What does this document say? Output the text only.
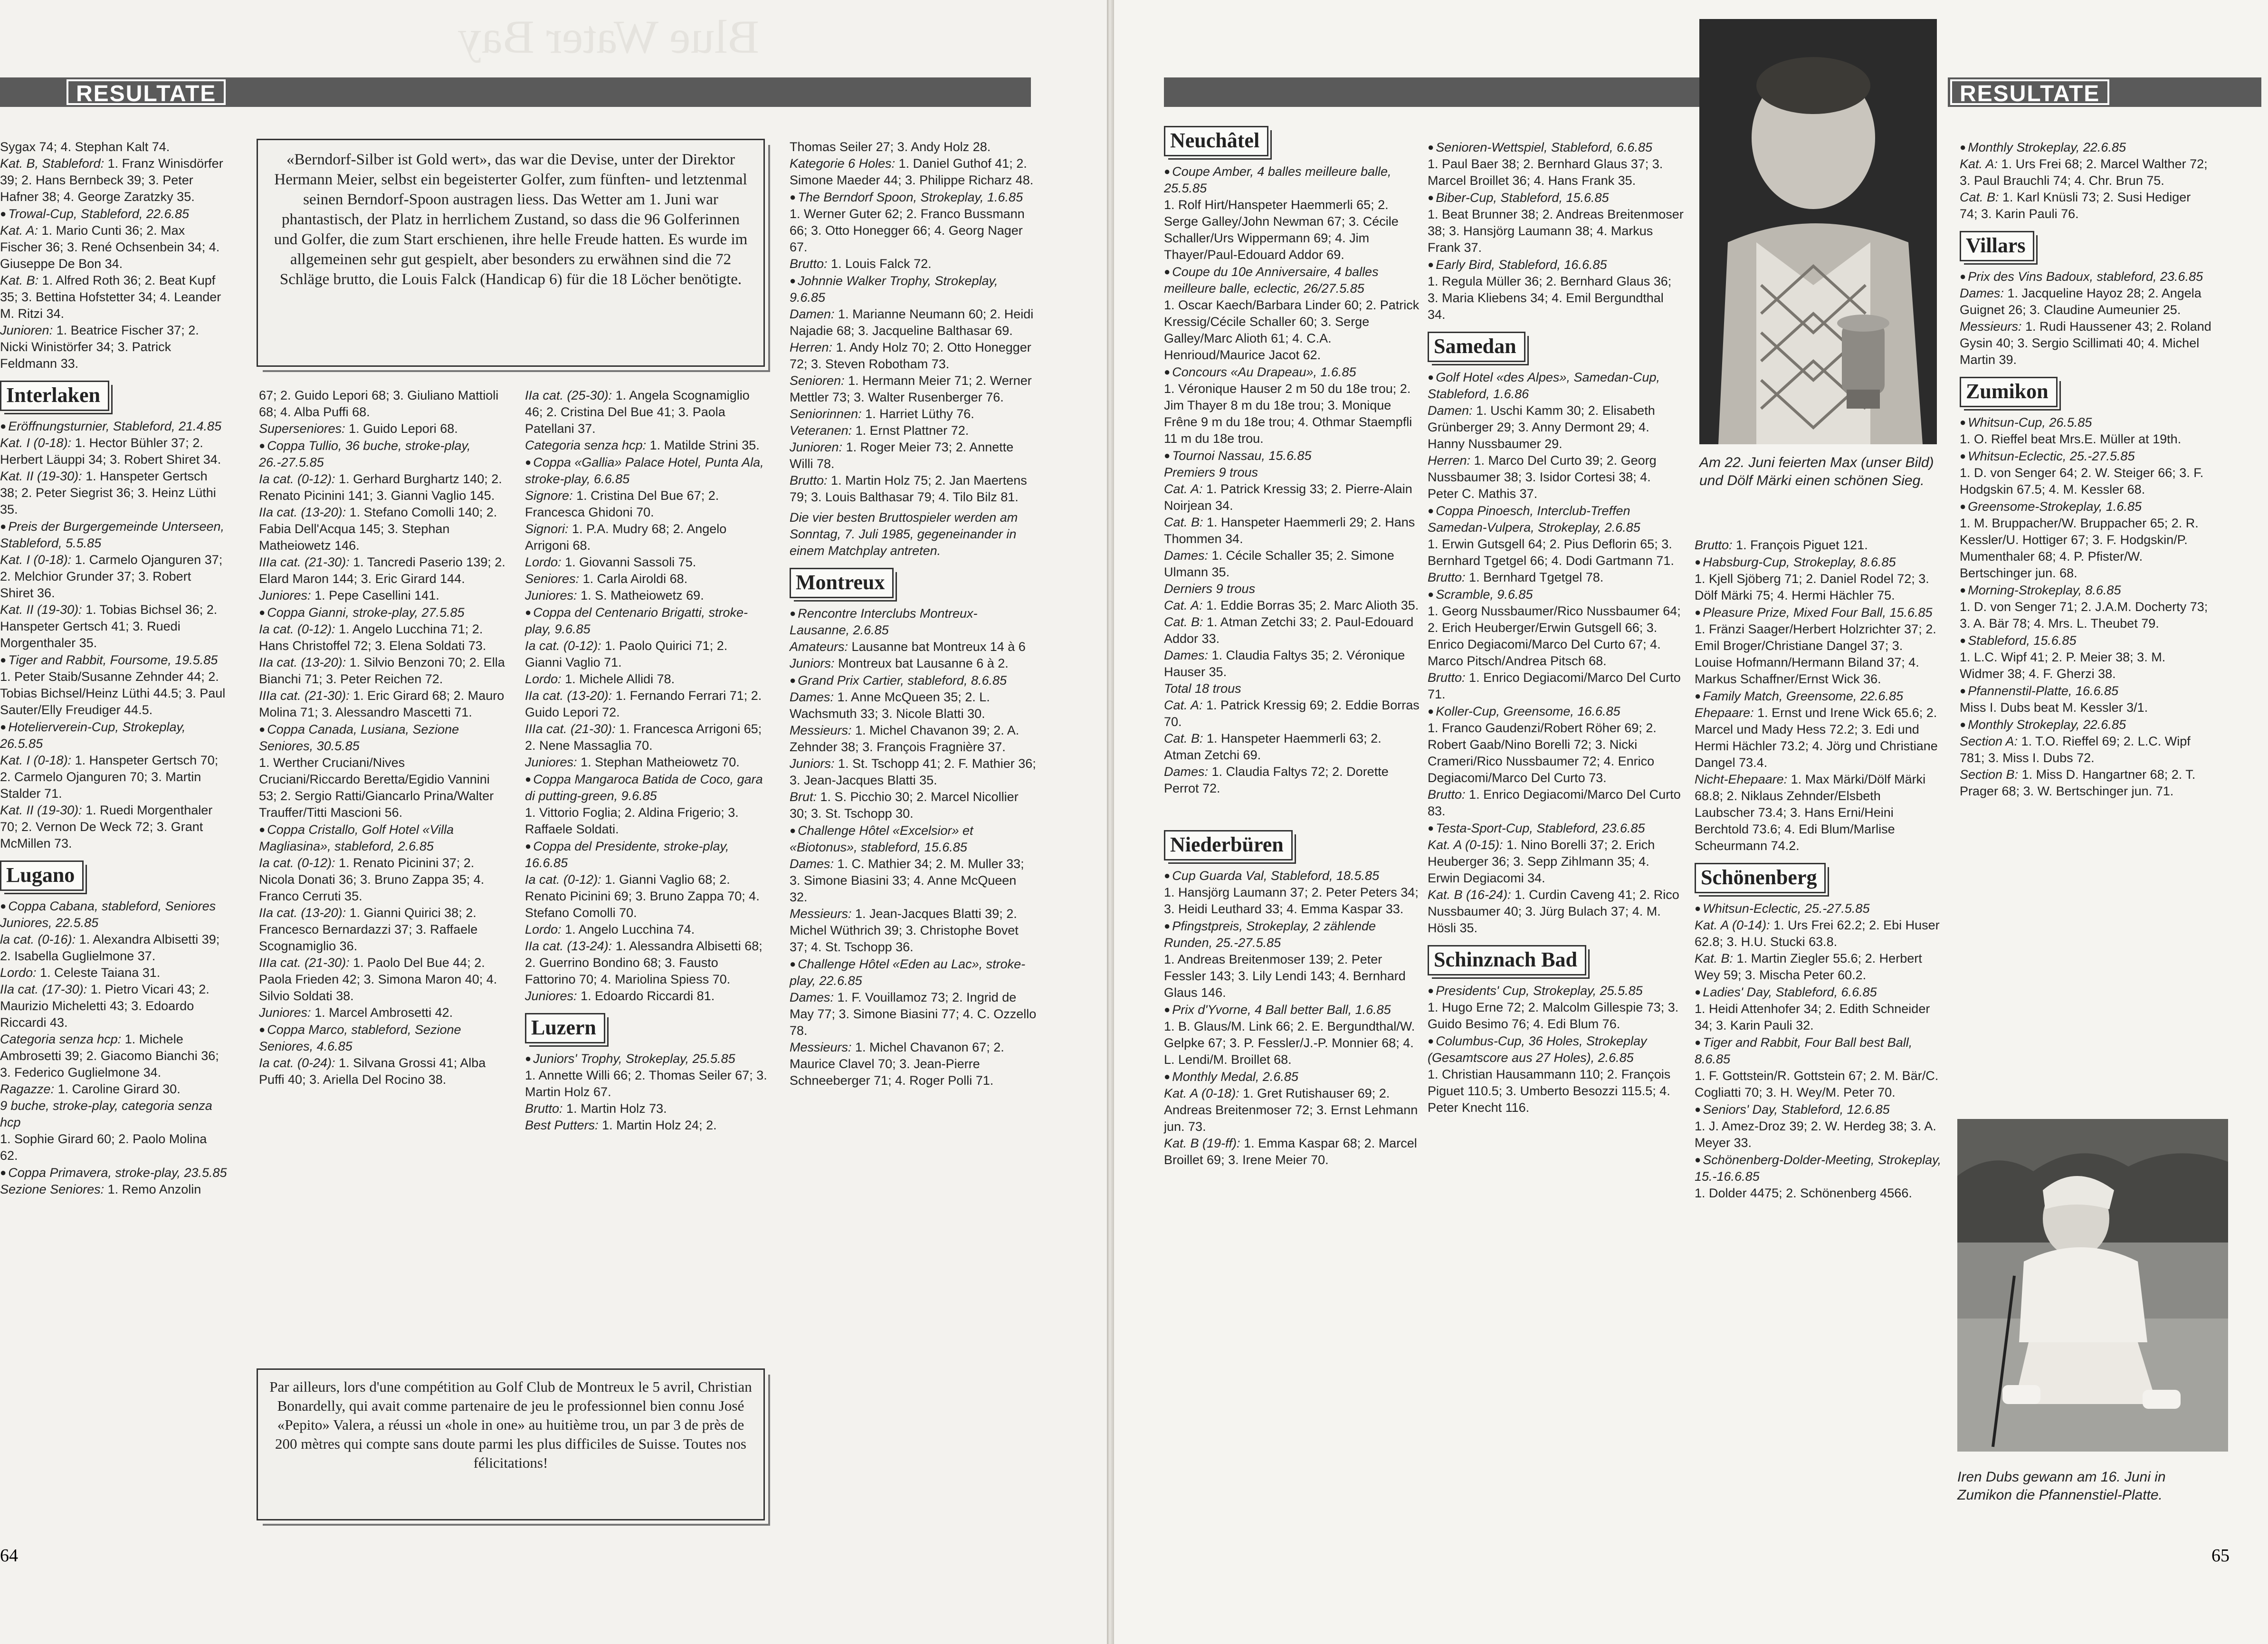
Blue Water Bay
RESULTATE

Sygax 74; 4. Stephan Kalt 74.

Kat. B, Stableford: 1. Franz Winisdörfer 39; 2. Hans Bernbeck 39; 3. Peter Hafner 38; 4. George Zaratzky 35.

● Trowal-Cup, Stableford, 22.6.85

Kat. A: 1. Mario Cunti 36; 2. Max Fischer 36; 3. René Ochsenbein 34; 4. Giuseppe De Bon 34.

Kat. B: 1. Alfred Roth 36; 2. Beat Kupf 35; 3. Bettina Hofstetter 34; 4. Leander M. Ritzi 34.

Junioren: 1. Beatrice Fischer 37; 2. Nicki Winistörfer 34; 3. Patrick Feldmann 33.

Interlaken

● Eröffnungsturnier, Stableford, 21.4.85

Kat. I (0-18): 1. Hector Bühler 37; 2. Herbert Läuppi 34; 3. Robert Shiret 34.

Kat. II (19-30): 1. Hanspeter Gertsch 38; 2. Peter Siegrist 36; 3. Heinz Lüthi 35.

● Preis der Burgergemeinde Unterseen, Stableford, 5.5.85

Kat. I (0-18): 1. Carmelo Ojanguren 37; 2. Melchior Grunder 37; 3. Robert Shiret 36.

Kat. II (19-30): 1. Tobias Bichsel 36; 2. Hanspeter Gertsch 41; 3. Ruedi Morgenthaler 35.

● Tiger and Rabbit, Foursome, 19.5.85

1. Peter Staib/Susanne Zehnder 44; 2. Tobias Bichsel/Heinz Lüthi 44.5; 3. Paul Sauter/Elly Freudiger 44.5.

● Hotelierverein-Cup, Strokeplay, 26.5.85

Kat. I (0-18): 1. Hanspeter Gertsch 70; 2. Carmelo Ojanguren 70; 3. Martin Stalder 71.

Kat. II (19-30): 1. Ruedi Morgenthaler 70; 2. Vernon De Weck 72; 3. Grant McMillen 73.

Lugano

● Coppa Cabana, stableford, Seniores Juniores, 22.5.85

la cat. (0-16): 1. Alexandra Albisetti 39; 2. Isabella Guglielmone 37.

Lordo: 1. Celeste Taiana 31.

IIa cat. (17-30): 1. Pietro Vicari 43; 2. Maurizio Micheletti 43; 3. Edoardo Riccardi 43.

Categoria senza hcp: 1. Michele Ambrosetti 39; 2. Giacomo Bianchi 36; 3. Federico Guglielmone 34.

Ragazze: 1. Caroline Girard 30.

9 buche, stroke-play, categoria senza hcp

1. Sophie Girard 60; 2. Paolo Molina 62.

● Coppa Primavera, stroke-play, 23.5.85

Sezione Seniores: 1. Remo Anzolin

«Berndorf-Silber ist Gold wert», das war die Devise, unter der Direktor Hermann Meier, selbst ein begeisterter Golfer, zum fünften- und letztenmal seinen Berndorf-Spoon austragen liess. Das Wetter am 1. Juni war phantastisch, der Platz in herrlichem Zustand, so dass die 96 Golferinnen und Golfer, die zum Start erschienen, ihre helle Freude hatten. Es wurde im allgemeinen sehr gut gespielt, aber besonders zu erwähnen sind die 72 Schläge brutto, die Louis Falck (Handicap 6) für die 18 Löcher benötigte.

67; 2. Guido Lepori 68; 3. Giuliano Mattioli 68; 4. Alba Puffi 68.

Superseniores: 1. Guido Lepori 68.

● Coppa Tullio, 36 buche, stroke-play, 26.-27.5.85

Ia cat. (0-12): 1. Gerhard Burghartz 140; 2. Renato Picinini 141; 3. Gianni Vaglio 145.

IIa cat. (13-20): 1. Stefano Comolli 140; 2. Fabia Dell'Acqua 145; 3. Stephan Matheiowetz 146.

IIIa cat. (21-30): 1. Tancredi Paserio 139; 2. Elard Maron 144; 3. Eric Girard 144.

Juniores: 1. Pepe Casellini 141.

● Coppa Gianni, stroke-play, 27.5.85

Ia cat. (0-12): 1. Angelo Lucchina 71; 2. Hans Christoffel 72; 3. Elena Soldati 73.

IIa cat. (13-20): 1. Silvio Benzoni 70; 2. Ella Bianchi 71; 3. Peter Reichen 72.

IIIa cat. (21-30): 1. Eric Girard 68; 2. Mauro Molina 71; 3. Alessandro Mascetti 71.

● Coppa Canada, Lusiana, Sezione Seniores, 30.5.85

1. Werther Cruciani/Nives Cruciani/Riccardo Beretta/Egidio Vannini 53; 2. Sergio Ratti/Giancarlo Prina/Walter Trauffer/Titti Mascioni 56.

● Coppa Cristallo, Golf Hotel «Villa Magliasina», stableford, 2.6.85

Ia cat. (0-12): 1. Renato Picinini 37; 2. Nicola Donati 36; 3. Bruno Zappa 35; 4. Franco Cerruti 35.

IIa cat. (13-20): 1. Gianni Quirici 38; 2. Francesco Bernardazzi 37; 3. Raffaele Scognamiglio 36.

IIIa cat. (21-30): 1. Paolo Del Bue 44; 2. Paola Frieden 42; 3. Simona Maron 40; 4. Silvio Soldati 38.

Juniores: 1. Marcel Ambrosetti 42.

● Coppa Marco, stableford, Sezione Seniores, 4.6.85

Ia cat. (0-24): 1. Silvana Grossi 41; Alba Puffi 40; 3. Ariella Del Rocino 38.

IIa cat. (25-30): 1. Angela Scognamiglio 46; 2. Cristina Del Bue 41; 3. Paola Patellani 37.

Categoria senza hcp: 1. Matilde Strini 35.

● Coppa «Gallia» Palace Hotel, Punta Ala, stroke-play, 6.6.85

Signore: 1. Cristina Del Bue 67; 2. Francesca Ghidoni 70.

Signori: 1. P.A. Mudry 68; 2. Angelo Arrigoni 68.

Lordo: 1. Giovanni Sassoli 75.

Seniores: 1. Carla Airoldi 68.

Juniores: 1. S. Matheiowetz 69.

● Coppa del Centenario Brigatti, stroke-play, 9.6.85

Ia cat. (0-12): 1. Paolo Quirici 71; 2. Gianni Vaglio 71.

Lordo: 1. Michele Allidi 78.

IIa cat. (13-20): 1. Fernando Ferrari 71; 2. Guido Lepori 72.

IIIa cat. (21-30): 1. Francesca Arrigoni 65; 2. Nene Massaglia 70.

Juniores: 1. Stephan Matheiowetz 70.

● Coppa Mangaroca Batida de Coco, gara di putting-green, 9.6.85

1. Vittorio Foglia; 2. Aldina Frigerio; 3. Raffaele Soldati.

● Coppa del Presidente, stroke-play, 16.6.85

Ia cat. (0-12): 1. Gianni Vaglio 68; 2. Renato Picinini 69; 3. Bruno Zappa 70; 4. Stefano Comolli 70.

Lordo: 1. Angelo Lucchina 74.

IIa cat. (13-24): 1. Alessandra Albisetti 68; 2. Guerrino Bondino 68; 3. Fausto Fattorino 70; 4. Mariolina Spiess 70.

Juniores: 1. Edoardo Riccardi 81.

Luzern

● Juniors' Trophy, Strokeplay, 25.5.85

1. Annette Willi 66; 2. Thomas Seiler 67; 3. Martin Holz 67.

Brutto: 1. Martin Holz 73.

Best Putters: 1. Martin Holz 24; 2.

Par ailleurs, lors d'une compétition au Golf Club de Montreux le 5 avril, Christian Bonardelly, qui avait comme partenaire de jeu le professionnel bien connu José «Pepito» Valera, a réussi un «hole in one» au huitième trou, un par 3 de près de 200 mètres qui compte sans doute parmi les plus difficiles de Suisse. Toutes nos félicitations!

Thomas Seiler 27; 3. Andy Holz 28.

Kategorie 6 Holes: 1. Daniel Guthof 41; 2. Simone Maeder 44; 3. Philippe Richarz 48.

● The Berndorf Spoon, Strokeplay, 1.6.85

1. Werner Guter 62; 2. Franco Bussmann 66; 3. Otto Honegger 66; 4. Georg Nager 67.

Brutto: 1. Louis Falck 72.

● Johnnie Walker Trophy, Strokeplay, 9.6.85

Damen: 1. Marianne Neumann 60; 2. Heidi Najadie 68; 3. Jacqueline Balthasar 69.

Herren: 1. Andy Holz 70; 2. Otto Honegger 72; 3. Steven Robotham 73.

Senioren: 1. Hermann Meier 71; 2. Werner Mettler 73; 3. Walter Rusenberger 76.

Seniorinnen: 1. Harriet Lüthy 76.

Veteranen: 1. Ernst Plattner 72.

Junioren: 1. Roger Meier 73; 2. Annette Willi 78.

Brutto: 1. Martin Holz 75; 2. Jan Maertens 79; 3. Louis Balthasar 79; 4. Tilo Bilz 81.

Die vier besten Bruttospieler werden am Sonntag, 7. Juli 1985, gegeneinander in einem Matchplay antreten.

Montreux

● Rencontre Interclubs Montreux-Lausanne, 2.6.85

Amateurs: Lausanne bat Montreux 14 à 6

Juniors: Montreux bat Lausanne 6 à 2.

● Grand Prix Cartier, stableford, 8.6.85

Dames: 1. Anne McQueen 35; 2. L. Wachsmuth 33; 3. Nicole Blatti 30.

Messieurs: 1. Michel Chavanon 39; 2. A. Zehnder 38; 3. François Fragnière 37.

Juniors: 1. St. Tschopp 41; 2. F. Mathier 36; 3. Jean-Jacques Blatti 35.

Brut: 1. S. Picchio 30; 2. Marcel Nicollier 30; 3. St. Tschopp 30.

● Challenge Hôtel «Excelsior» et «Biotonus», stableford, 15.6.85

Dames: 1. C. Mathier 34; 2. M. Muller 33; 3. Simone Biasini 33; 4. Anne McQueen 32.

Messieurs: 1. Jean-Jacques Blatti 39; 2. Michel Wüthrich 39; 3. Christophe Bovet 37; 4. St. Tschopp 36.

● Challenge Hôtel «Eden au Lac», stroke-play, 22.6.85

Dames: 1. F. Vouillamoz 73; 2. Ingrid de May 77; 3. Simone Biasini 77; 4. C. Ozzello 78.

Messieurs: 1. Michel Chavanon 67; 2. Maurice Clavel 70; 3. Jean-Pierre Schneeberger 71; 4. Roger Polli 71.

64
RESULTATE
Am 22. Juni feierten Max (unser Bild) und Dölf Märki einen schönen Sieg.
Neuchâtel

● Coupe Amber, 4 balles meilleure balle, 25.5.85

1. Rolf Hirt/Hanspeter Haemmerli 65; 2. Serge Galley/John Newman 67; 3. Cécile Schaller/Urs Wippermann 69; 4. Jim Thayer/Paul-Edouard Addor 69.

● Coupe du 10e Anniversaire, 4 balles meilleure balle, eclectic, 26/27.5.85

1. Oscar Kaech/Barbara Linder 60; 2. Patrick Kressig/Cécile Schaller 60; 3. Serge Galley/Marc Alioth 61; 4. C.A. Henrioud/Maurice Jacot 62.

● Concours «Au Drapeau», 1.6.85

1. Véronique Hauser 2 m 50 du 18e trou; 2. Jim Thayer 8 m du 18e trou; 3. Monique Frêne 9 m du 18e trou; 4. Othmar Staempfli 11 m du 18e trou.

● Tournoi Nassau, 15.6.85

Premiers 9 trous

Cat. A: 1. Patrick Kressig 33; 2. Pierre-Alain Noirjean 34.

Cat. B: 1. Hanspeter Haemmerli 29; 2. Hans Thommen 34.

Dames: 1. Cécile Schaller 35; 2. Simone Ulmann 35.

Derniers 9 trous

Cat. A: 1. Eddie Borras 35; 2. Marc Alioth 35.

Cat. B: 1. Atman Zetchi 33; 2. Paul-Edouard Addor 33.

Dames: 1. Claudia Faltys 35; 2. Véronique Hauser 35.

Total 18 trous

Cat. A: 1. Patrick Kressig 69; 2. Eddie Borras 70.

Cat. B: 1. Hanspeter Haemmerli 63; 2. Atman Zetchi 69.

Dames: 1. Claudia Faltys 72; 2. Dorette Perrot 72.

Niederbüren

● Cup Guarda Val, Stableford, 18.5.85

1. Hansjörg Laumann 37; 2. Peter Peters 34; 3. Heidi Leuthard 33; 4. Emma Kaspar 33.

● Pfingstpreis, Strokeplay, 2 zählende Runden, 25.-27.5.85

1. Andreas Breitenmoser 139; 2. Peter Fessler 143; 3. Lily Lendi 143; 4. Bernhard Glaus 146.

● Prix d'Yvorne, 4 Ball better Ball, 1.6.85

1. B. Glaus/M. Link 66; 2. E. Bergundthal/W. Gelpke 67; 3. P. Fessler/J.-P. Monnier 68; 4. L. Lendi/M. Broillet 68.

● Monthly Medal, 2.6.85

Kat. A (0-18): 1. Gret Rutishauser 69; 2. Andreas Breitenmoser 72; 3. Ernst Lehmann jun. 73.

Kat. B (19-ff): 1. Emma Kaspar 68; 2. Marcel Broillet 69; 3. Irene Meier 70.

● Senioren-Wettspiel, Stableford, 6.6.85

1. Paul Baer 38; 2. Bernhard Glaus 37; 3. Marcel Broillet 36; 4. Hans Frank 35.

● Biber-Cup, Stableford, 15.6.85

1. Beat Brunner 38; 2. Andreas Breitenmoser 38; 3. Hansjörg Laumann 38; 4. Markus Frank 37.

● Early Bird, Stableford, 16.6.85

1. Regula Müller 36; 2. Bernhard Glaus 36; 3. Maria Kliebens 34; 4. Emil Bergundthal 34.

Samedan

● Golf Hotel «des Alpes», Samedan-Cup, Stableford, 1.6.86

Damen: 1. Uschi Kamm 30; 2. Elisabeth Grünberger 29; 3. Anny Dermont 29; 4. Hanny Nussbaumer 29.

Herren: 1. Marco Del Curto 39; 2. Georg Nussbaumer 38; 3. Isidor Cortesi 38; 4. Peter C. Mathis 37.

● Coppa Pinoesch, Interclub-Treffen Samedan-Vulpera, Strokeplay, 2.6.85

1. Erwin Gutsgell 64; 2. Pius Deflorin 65; 3. Bernhard Tgetgel 66; 4. Dodi Gartmann 71.

Brutto: 1. Bernhard Tgetgel 78.

● Scramble, 9.6.85

1. Georg Nussbaumer/Rico Nussbaumer 64; 2. Erich Heuberger/Erwin Gutsgell 66; 3. Enrico Degiacomi/Marco Del Curto 67; 4. Marco Pitsch/Andrea Pitsch 68.

Brutto: 1. Enrico Degiacomi/Marco Del Curto 71.

● Koller-Cup, Greensome, 16.6.85

1. Franco Gaudenzi/Robert Röher 69; 2. Robert Gaab/Nino Borelli 72; 3. Nicki Crameri/Rico Nussbaumer 72; 4. Enrico Degiacomi/Marco Del Curto 73.

Brutto: 1. Enrico Degiacomi/Marco Del Curto 83.

● Testa-Sport-Cup, Stableford, 23.6.85

Kat. A (0-15): 1. Nino Borelli 37; 2. Erich Heuberger 36; 3. Sepp Zihlmann 35; 4. Erwin Degiacomi 34.

Kat. B (16-24): 1. Curdin Caveng 41; 2. Rico Nussbaumer 40; 3. Jürg Bulach 37; 4. M. Hösli 35.

Schinznach Bad

● Presidents' Cup, Strokeplay, 25.5.85

1. Hugo Erne 72; 2. Malcolm Gillespie 73; 3. Guido Besimo 76; 4. Edi Blum 76.

● Columbus-Cup, 36 Holes, Strokeplay (Gesamtscore aus 27 Holes), 2.6.85

1. Christian Hausammann 110; 2. François Piguet 110.5; 3. Umberto Besozzi 115.5; 4. Peter Knecht 116.

Brutto: 1. François Piguet 121.

● Habsburg-Cup, Strokeplay, 8.6.85

1. Kjell Sjöberg 71; 2. Daniel Rodel 72; 3. Dölf Märki 75; 4. Hermi Hächler 75.

● Pleasure Prize, Mixed Four Ball, 15.6.85

1. Fränzi Saager/Herbert Holzrichter 37; 2. Emil Broger/Christiane Dangel 37; 3. Louise Hofmann/Hermann Biland 37; 4. Markus Schaffner/Ernst Wick 36.

● Family Match, Greensome, 22.6.85

Ehepaare: 1. Ernst und Irene Wick 65.6; 2. Marcel und Mady Hess 72.2; 3. Edi und Hermi Hächler 73.2; 4. Jörg und Christiane Dangel 73.4.

Nicht-Ehepaare: 1. Max Märki/Dölf Märki 68.8; 2. Niklaus Zehnder/Elsbeth Laubscher 73.4; 3. Hans Erni/Heini Berchtold 73.6; 4. Edi Blum/Marlise Scheurmann 74.2.

Schönenberg

● Whitsun-Eclectic, 25.-27.5.85

Kat. A (0-14): 1. Urs Frei 62.2; 2. Ebi Huser 62.8; 3. H.U. Stucki 63.8.

Kat. B: 1. Martin Ziegler 55.6; 2. Herbert Wey 59; 3. Mischa Peter 60.2.

● Ladies' Day, Stableford, 6.6.85

1. Heidi Attenhofer 34; 2. Edith Schneider 34; 3. Karin Pauli 32.

● Tiger and Rabbit, Four Ball best Ball, 8.6.85

1. F. Gottstein/R. Gottstein 67; 2. M. Bär/C. Cogliatti 70; 3. H. Wey/M. Peter 70.

● Seniors' Day, Stableford, 12.6.85

1. J. Amez-Droz 39; 2. W. Herdeg 38; 3. A. Meyer 33.

● Schönenberg-Dolder-Meeting, Strokeplay, 15.-16.6.85

1. Dolder 4475; 2. Schönenberg 4566.

● Monthly Strokeplay, 22.6.85

Kat. A: 1. Urs Frei 68; 2. Marcel Walther 72; 3. Paul Brauchli 74; 4. Chr. Brun 75.

Cat. B: 1. Karl Knüsli 73; 2. Susi Hediger 74; 3. Karin Pauli 76.

Villars

● Prix des Vins Badoux, stableford, 23.6.85

Dames: 1. Jacqueline Hayoz 28; 2. Angela Guignet 26; 3. Claudine Aumeunier 25.

Messieurs: 1. Rudi Haussener 43; 2. Roland Gysin 40; 3. Sergio Scillimati 40; 4. Michel Martin 39.

Zumikon

● Whitsun-Cup, 26.5.85

1. O. Rieffel beat Mrs.E. Müller at 19th.

● Whitsun-Eclectic, 25.-27.5.85

1. D. von Senger 64; 2. W. Steiger 66; 3. F. Hodgskin 67.5; 4. M. Kessler 68.

● Greensome-Strokeplay, 1.6.85

1. M. Bruppacher/W. Bruppacher 65; 2. R. Kessler/U. Hottiger 67; 3. F. Hodgskin/P. Mumenthaler 68; 4. P. Pfister/W. Bertschinger jun. 68.

● Morning-Strokeplay, 8.6.85

1. D. von Senger 71; 2. J.A.M. Docherty 73; 3. A. Bär 78; 4. Mrs. L. Theubet 79.

● Stableford, 15.6.85

1. L.C. Wipf 41; 2. P. Meier 38; 3. M. Widmer 38; 4. F. Gherzi 38.

● Pfannenstil-Platte, 16.6.85

Miss I. Dubs beat M. Kessler 3/1.

● Monthly Strokeplay, 22.6.85

Section A: 1. T.O. Rieffel 69; 2. L.C. Wipf 781; 3. Miss I. Dubs 72.

Section B: 1. Miss D. Hangartner 68; 2. T. Prager 68; 3. W. Bertschinger jun. 71.

Iren Dubs gewann am 16. Juni in Zumikon die Pfannenstiel-Platte.
65
